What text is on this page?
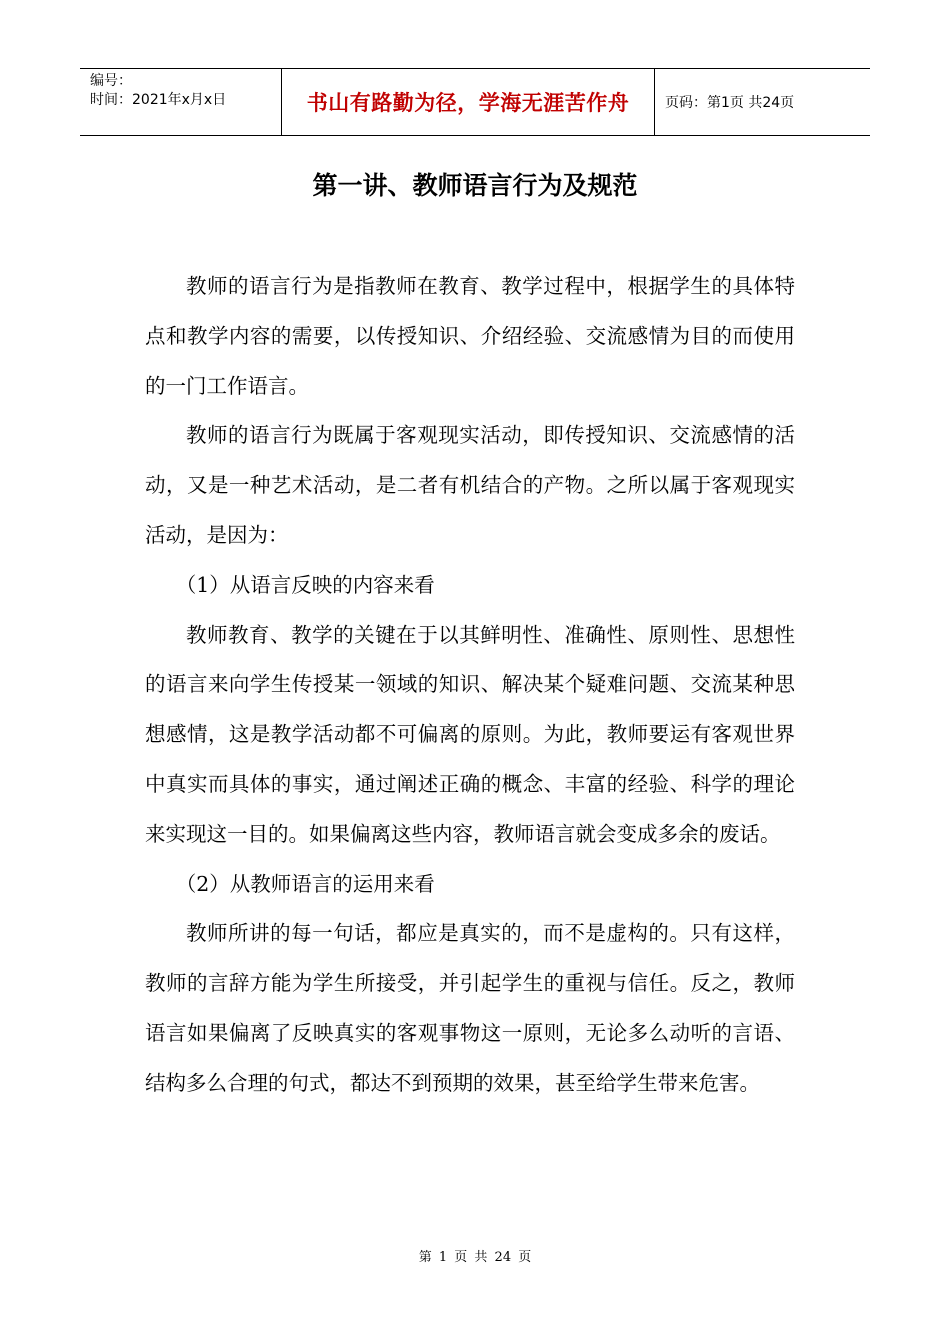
编号：
时间：2021年x月x日	书山有路勤为径，学海无涯苦作舟	页码：第1页 共24页
第一讲、教师语言行为及规范

教师的语言行为是指教师在教育、教学过程中，根据学生的具体特点和教学内容的需要，以传授知识、介绍经验、交流感情为目的而使用的一门工作语言。

教师的语言行为既属于客观现实活动，即传授知识、交流感情的活动，又是一种艺术活动，是二者有机结合的产物。之所以属于客观现实活动，是因为：

（1）从语言反映的内容来看

教师教育、教学的关键在于以其鲜明性、准确性、原则性、思想性的语言来向学生传授某一领域的知识、解决某个疑难问题、交流某种思想感情，这是教学活动都不可偏离的原则。为此，教师要运有客观世界中真实而具体的事实，通过阐述正确的概念、丰富的经验、科学的理论来实现这一目的。如果偏离这些内容，教师语言就会变成多余的废话。

（2）从教师语言的运用来看

教师所讲的每一句话，都应是真实的，而不是虚构的。只有这样，教师的言辞方能为学生所接受，并引起学生的重视与信任。反之，教师语言如果偏离了反映真实的客观事物这一原则，无论多么动听的言语、结构多么合理的句式，都达不到预期的效果，甚至给学生带来危害。

第 1 页 共 24 页
